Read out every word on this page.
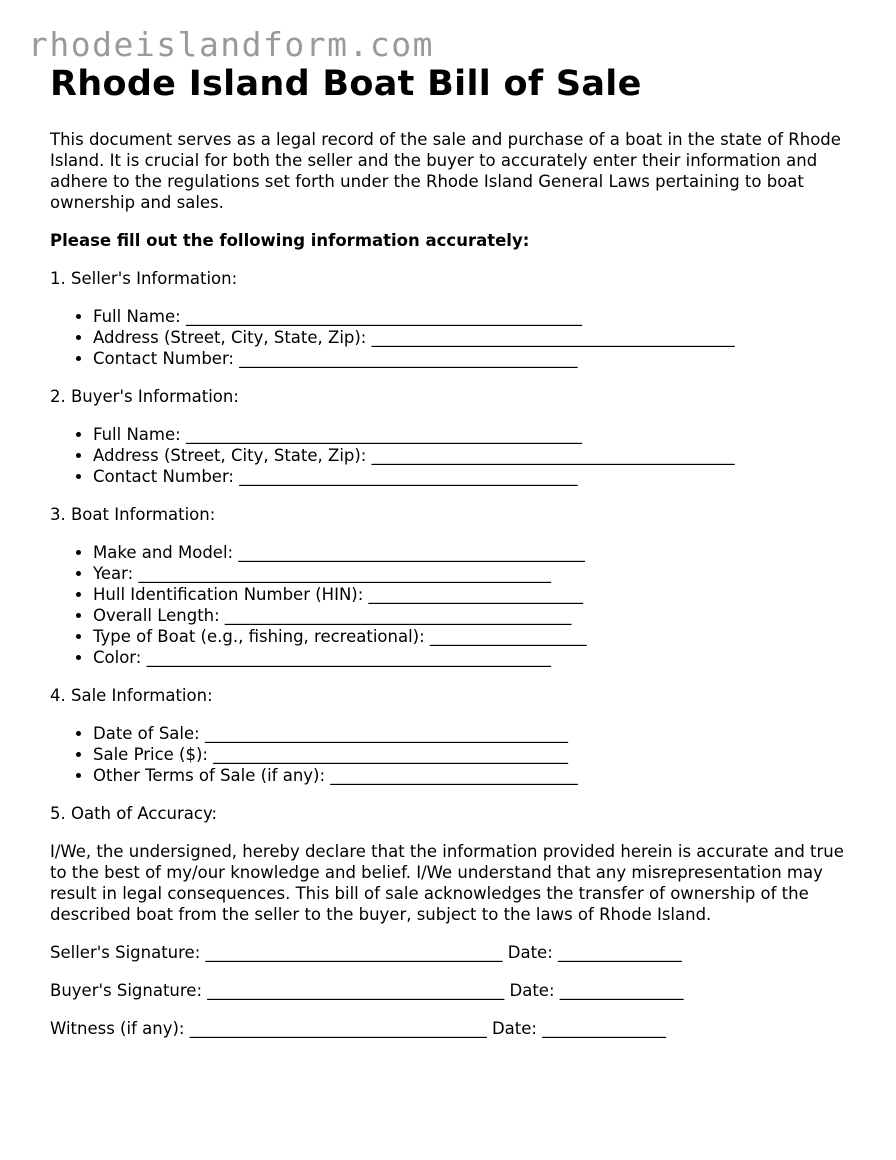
rhodeislandform.com
Rhode Island Boat Bill of Sale

This document serves as a legal record of the sale and purchase of a boat in the state of Rhode Island. It is crucial for both the seller and the buyer to accurately enter their information and adhere to the regulations set forth under the Rhode Island General Laws pertaining to boat ownership and sales.

Please fill out the following information accurately:

1. Seller's Information:

• Full Name: ________________________________________________
• Address (Street, City, State, Zip): ____________________________________________
• Contact Number: _________________________________________

2. Buyer's Information:

• Full Name: ________________________________________________
• Address (Street, City, State, Zip): ____________________________________________
• Contact Number: _________________________________________

3. Boat Information:

• Make and Model: __________________________________________
• Year: __________________________________________________
• Hull Identification Number (HIN): __________________________
• Overall Length: __________________________________________
• Type of Boat (e.g., fishing, recreational): ___________________
• Color: _________________________________________________

4. Sale Information:

• Date of Sale: ____________________________________________
• Sale Price ($): ___________________________________________
• Other Terms of Sale (if any): ______________________________

5. Oath of Accuracy:

I/We, the undersigned, hereby declare that the information provided herein is accurate and true to the best of my/our knowledge and belief. I/We understand that any misrepresentation may result in legal consequences. This bill of sale acknowledges the transfer of ownership of the described boat from the seller to the buyer, subject to the laws of Rhode Island.

Seller's Signature: ____________________________________ Date: _______________

Buyer's Signature: ____________________________________ Date: _______________

Witness (if any): ____________________________________ Date: _______________
